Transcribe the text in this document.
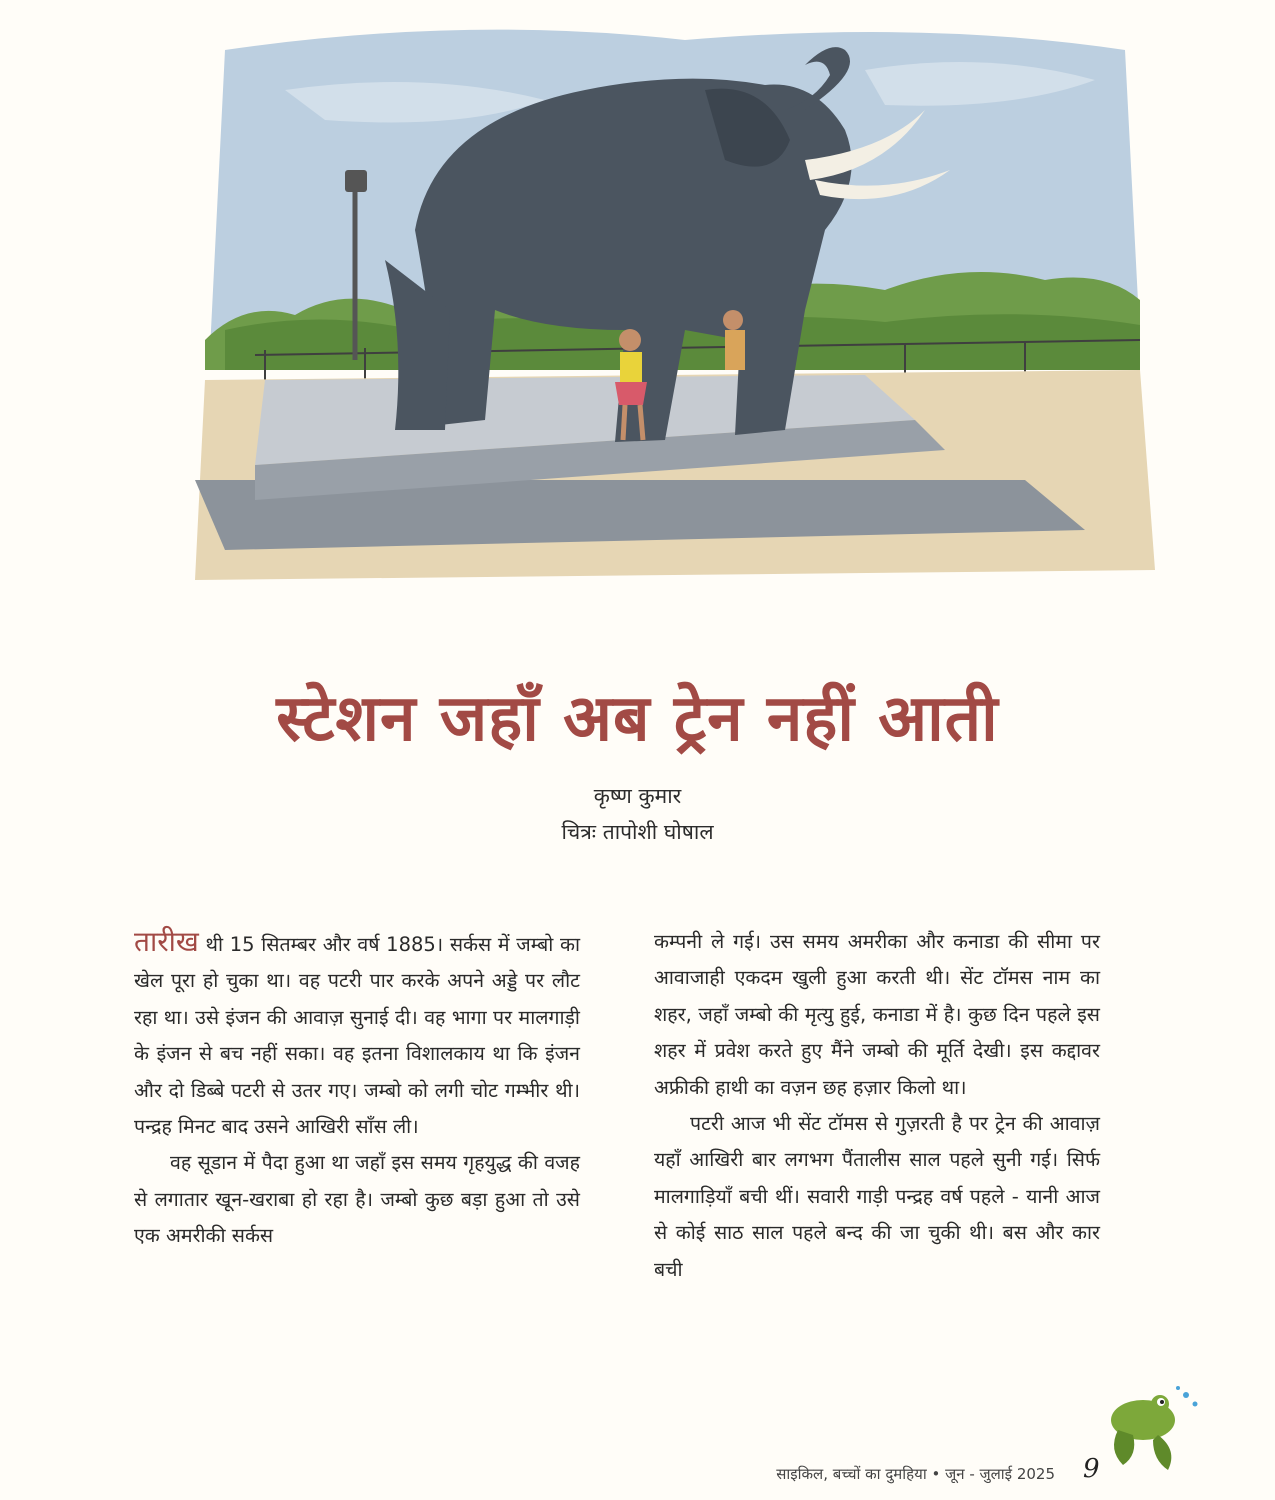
स्टेशन जहाँ अब ट्रेन नहीं आती
कृष्ण कुमार
चित्रः तापोशी घोषाल

तारीख थी 15 सितम्बर और वर्ष 1885। सर्कस में जम्बो का खेल पूरा हो चुका था। वह पटरी पार करके अपने अड्डे पर लौट रहा था। उसे इंजन की आवाज़ सुनाई दी। वह भागा पर मालगाड़ी के इंजन से बच नहीं सका। वह इतना विशालकाय था कि इंजन और दो डिब्बे पटरी से उतर गए। जम्बो को लगी चोट गम्भीर थी। पन्द्रह मिनट बाद उसने आखिरी साँस ली।

वह सूडान में पैदा हुआ था जहाँ इस समय गृहयुद्ध की वजह से लगातार खून-खराबा हो रहा है। जम्बो कुछ बड़ा हुआ तो उसे एक अमरीकी सर्कस

कम्पनी ले गई। उस समय अमरीका और कनाडा की सीमा पर आवाजाही एकदम खुली हुआ करती थी। सेंट टॉमस नाम का शहर, जहाँ जम्बो की मृत्यु हुई, कनाडा में है। कुछ दिन पहले इस शहर में प्रवेश करते हुए मैंने जम्बो की मूर्ति देखी। इस कद्दावर अफ्रीकी हाथी का वज़न छह हज़ार किलो था।

पटरी आज भी सेंट टॉमस से गुज़रती है पर ट्रेन की आवाज़ यहाँ आखिरी बार लगभग पैंतालीस साल पहले सुनी गई। सिर्फ मालगाड़ियाँ बची थीं। सवारी गाड़ी पन्द्रह वर्ष पहले - यानी आज से कोई साठ साल पहले बन्द की जा चुकी थी। बस और कार बची

साइकिल, बच्चों का दुमहिया • जून - जुलाई 2025 9
